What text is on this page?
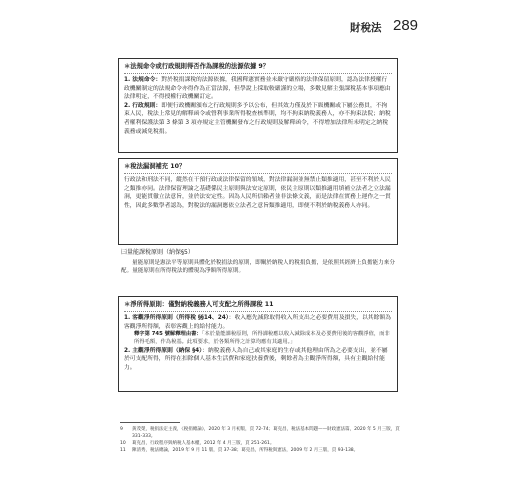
財稅法 289
＊法規命令或行政規則得否作為課稅的法源依據 9？
1. 法規命令：對於稅捐課稅的法源依據，我國釋憲實務並未嚴守嚴格的法律保留原則，認為法律授權行政機關制定的法規命令亦得作為正當法源，但學說上採取較嚴謹的立場，多數見解主張課稅基本事項應由法律明定，不得授權行政機關訂定。
2. 行政規則：即便行政機關頒布之行政規則多予以公布，但其效力僅及於下級機關或下屬公務員，不拘束人民，稅法上常見的解釋函令或營利事業所得稅查核準則，均不拘束納稅義務人，亦不拘束法院；納稅者權利保護法第 3 條第 3 項亦規定主管機關發布之行政規則及解釋函令，不得增加法律所未明定之納稅義務或減免稅捐。
＊稅法漏洞補充 10？

行政法和刑法不同，縱然在干預行政或法律保留的領域，對法律漏洞並無禁止類推適用，甚至不利於人民之類推亦同。法律保留理論之基礎係民主原則與法安定原則，依民主原則以類推適用填補立法者之立法漏洞，更能貫徹立法意旨，並於法安定性。因為人民所信賴者並非法條文義，而是法律在實務上運作之一貫性，因此多數學者認為，對稅法的漏洞應依立法者之意旨類推適用，即便不利於納稅義務人亦同。

㈢量能課稅原則（納保§5）

量能原則是憲法平等原則具體化於稅捐法的原則，即闡於納稅人的稅捐負擔，是依照其經濟上負擔能力來分配。量能原則在所得稅法的體現為淨額所得原則。

＊淨所得原則：僅對納稅義務人可支配之所得課稅 11
1. 客觀淨所得原則（所得稅 §§14、24）：收入應先減除取得收入所支出之必要費用及損失，以其餘額為客觀淨所得額，表彰客觀上的給付能力。
釋字第 745 號解釋理由書：「本於量能課稅原則，所得課稅應以收入減除成本及必要費用後的客觀淨值，而非所得毛額，作為稅基。此項要求，於各類所得之計算均應有其適用。」
2. 主觀淨所得原則（納保 §4）：納稅義務人為自己或其家庭的生存或其他理由所為之必要支出，並不屬於可支配所得，所得在扣除個人基本生活費和家庭扶養費後，剩餘者為主觀淨所得額，具有主觀給付能力。
9	黃茂榮，稅捐法定主義，《稅捐總論》，2020 年 3 月初版，頁 72-74；葛克昌，稅法基本問題——財政憲法篇，2020 年 5 月三版，頁 331-333。
10	葛克昌，行政程序與納稅人基本權，2012 年 4 月三版，頁 251-261。
11	陳清秀，稅法總論，2019 年 9 月 11 版，頁 37-38；葛克昌，所得稅與憲法，2009 年 2 月三版，頁 93-138。
